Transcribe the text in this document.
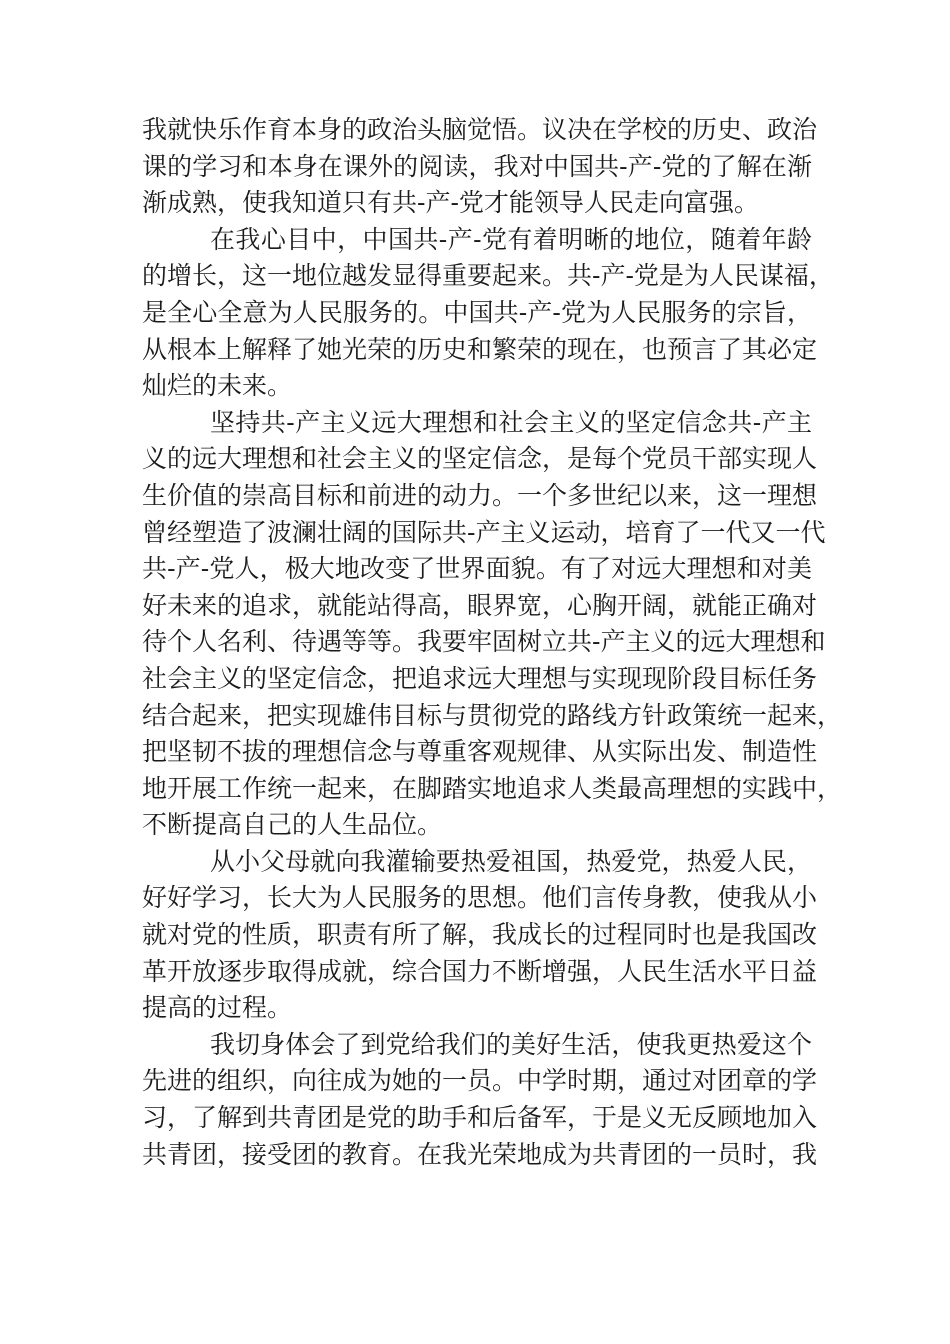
我就快乐作育本身的政治头脑觉悟。议决在学校的历史、政治
课的学习和本身在课外的阅读，我对中国共-产-党的了解在渐
渐成熟，使我知道只有共-产-党才能领导人民走向富强。
在我心目中，中国共-产-党有着明晰的地位，随着年龄
的增长，这一地位越发显得重要起来。共-产-党是为人民谋福，
是全心全意为人民服务的。中国共-产-党为人民服务的宗旨，
从根本上解释了她光荣的历史和繁荣的现在，也预言了其必定
灿烂的未来。
坚持共-产主义远大理想和社会主义的坚定信念共-产主
义的远大理想和社会主义的坚定信念，是每个党员干部实现人
生价值的崇高目标和前进的动力。一个多世纪以来，这一理想
曾经塑造了波澜壮阔的国际共-产主义运动，培育了一代又一代
共-产-党人，极大地改变了世界面貌。有了对远大理想和对美
好未来的追求，就能站得高，眼界宽，心胸开阔，就能正确对
待个人名利、待遇等等。我要牢固树立共-产主义的远大理想和
社会主义的坚定信念，把追求远大理想与实现现阶段目标任务
结合起来，把实现雄伟目标与贯彻党的路线方针政策统一起来，
把坚韧不拔的理想信念与尊重客观规律、从实际出发、制造性
地开展工作统一起来，在脚踏实地追求人类最高理想的实践中，
不断提高自己的人生品位。
从小父母就向我灌输要热爱祖国，热爱党，热爱人民，
好好学习，长大为人民服务的思想。他们言传身教，使我从小
就对党的性质，职责有所了解，我成长的过程同时也是我国改
革开放逐步取得成就，综合国力不断增强，人民生活水平日益
提高的过程。
我切身体会了到党给我们的美好生活，使我更热爱这个
先进的组织，向往成为她的一员。中学时期，通过对团章的学
习，了解到共青团是党的助手和后备军，于是义无反顾地加入
共青团，接受团的教育。在我光荣地成为共青团的一员时，我
